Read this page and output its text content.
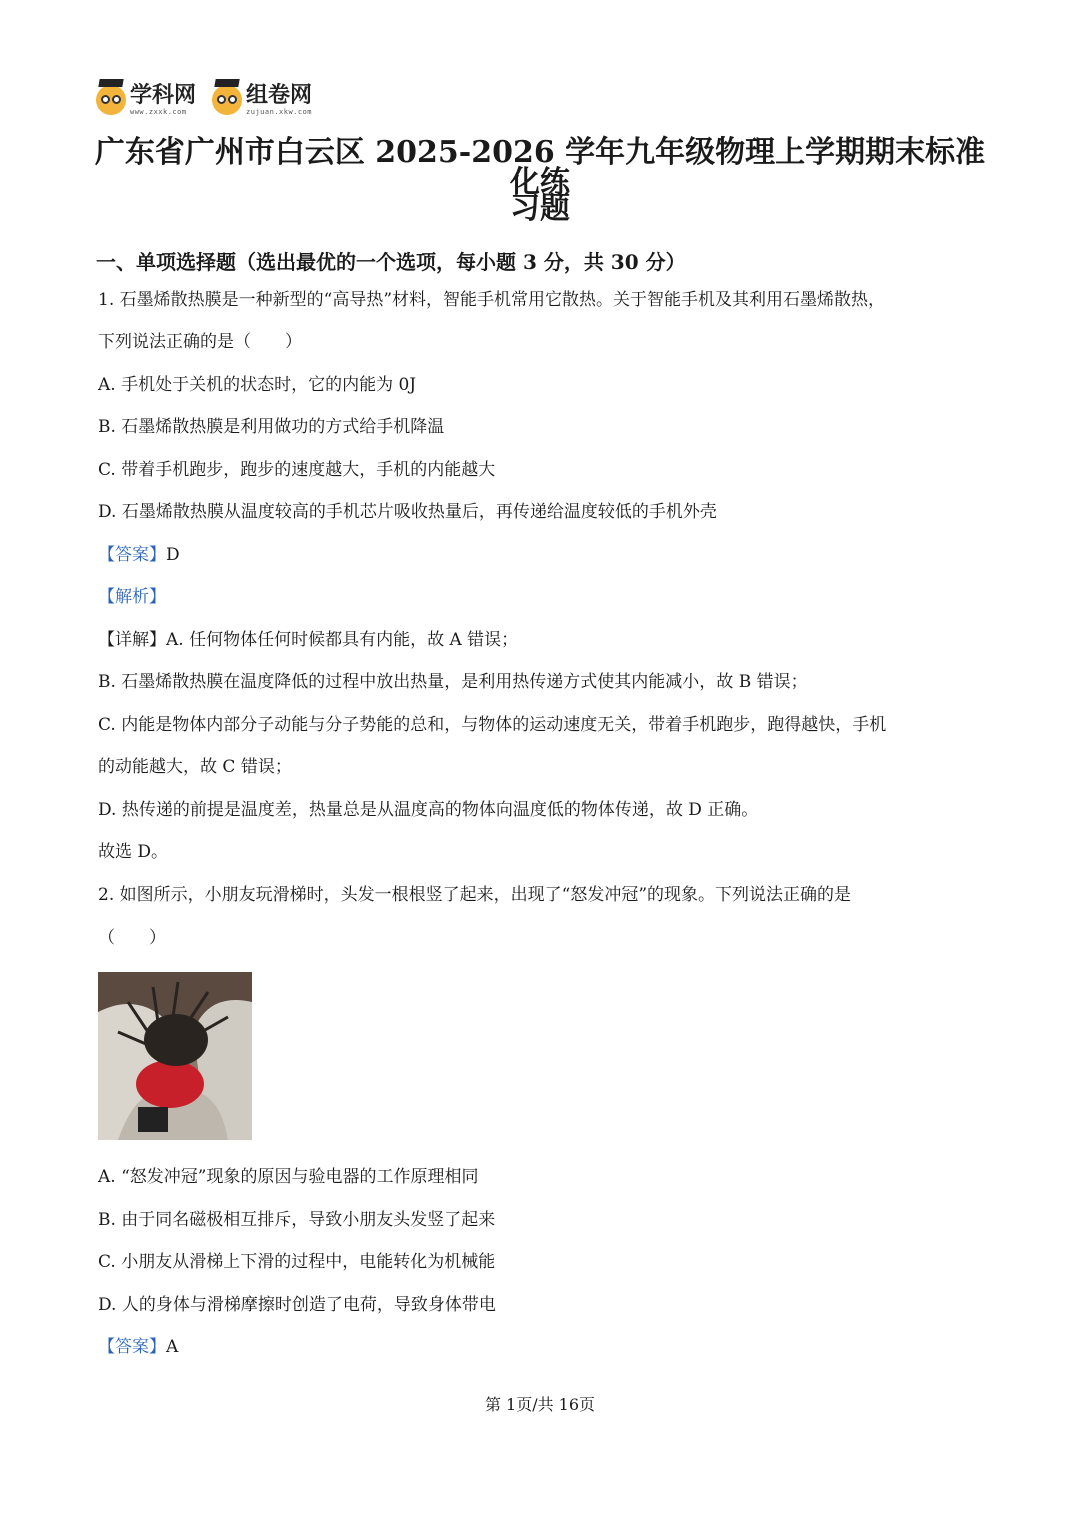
学科网
www.zxxk.com
组卷网
zujuan.xkw.com
广东省广州市白云区 2025-2026 学年九年级物理上学期期末标准化练
习题
一、单项选择题（选出最优的一个选项，每小题 3 分，共 30 分）
1. 石墨烯散热膜是一种新型的“高导热”材料，智能手机常用它散热。关于智能手机及其利用石墨烯散热，
下列说法正确的是（　　）
A. 手机处于关机的状态时，它的内能为 0J
B. 石墨烯散热膜是利用做功的方式给手机降温
C. 带着手机跑步，跑步的速度越大，手机的内能越大
D. 石墨烯散热膜从温度较高的手机芯片吸收热量后，再传递给温度较低的手机外壳
【答案】D
【解析】
【详解】A. 任何物体任何时候都具有内能，故 A 错误；
B. 石墨烯散热膜在温度降低的过程中放出热量，是利用热传递方式使其内能减小，故 B 错误；
C. 内能是物体内部分子动能与分子势能的总和，与物体的运动速度无关，带着手机跑步，跑得越快，手机
的动能越大，故 C 错误；
D. 热传递的前提是温度差，热量总是从温度高的物体向温度低的物体传递，故 D 正确。
故选 D。
2. 如图所示，小朋友玩滑梯时，头发一根根竖了起来，出现了“怒发冲冠”的现象。下列说法正确的是
（　　）
A. “怒发冲冠”现象的原因与验电器的工作原理相同
B. 由于同名磁极相互排斥，导致小朋友头发竖了起来
C. 小朋友从滑梯上下滑的过程中，电能转化为机械能
D. 人的身体与滑梯摩擦时创造了电荷，导致身体带电
【答案】A
第 1页/共 16页
